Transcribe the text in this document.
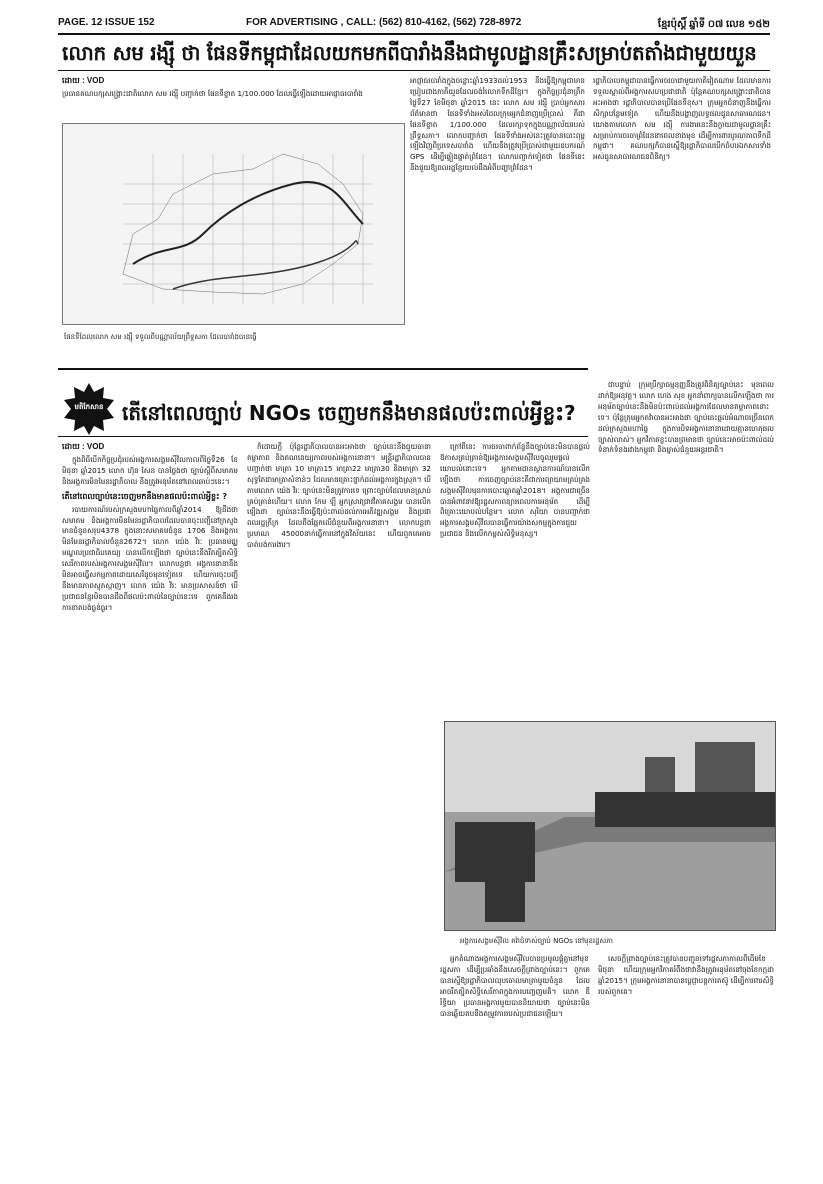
PAGE. 12 ISSUE 152	FOR ADVERTISING , CALL: (562) 810-4162, (562) 728-8972	ខ្មែរប៉ុស្ដិ៍ ឆ្នាំទី ០៧ លេខ ១៥២
លោក សម រង្ស៊ី ថា ផែនទីកម្ពុជាដែលយកមកពីបារាំងនឹងជាមូលដ្ឋានគ្រឹះសម្រាប់តតាំងជាមួយយួន
ដោយ : VOD
ប្រធានគណបក្សសង្គ្រោះជាតិលោក សម រង្ស៊ី បញ្ជាក់ថា ផែនទីខ្នាត 1/100.000 ដែលធ្វើឡើងដោយអាជ្ញាធរបារាំង
ផែនទីដែលលោក សម រង្ស៊ី ទទួលពីបណ្ណាល័យព្រឹទ្ធសភា ដែលបារាំងបានធ្វើ
អាជ្ញាធរបារាំងក្នុងចន្លោះឆ្នាំ1933ដល់1953 នឹងធ្វើឱ្យកម្ពុជាមានប្រៀបជាងភាគីយួនដែលចង់រំលោភទឹកដីខ្មែរ។ ក្នុងកិច្ចប្រជុំនាព្រឹកថ្ងៃទី27 ខែមិថុនា ឆ្នាំ2015 នេះ លោក សម រង្ស៊ី ប្រាប់អ្នកសារព័ត៌មានថា ផែនទីទាំងអស់ដែលក្រុមអ្នកជំនាញប្រើប្រាស់ គឺជាផែនទីខ្នាត 1/100.000 ដែលរក្សាទុកក្នុងបណ្ណាល័យរបស់ព្រឹទ្ធសភា។ លោកបញ្ជាក់ថា ផែនទីទាំងអស់នេះត្រូវបានបោះពុម្ពឡើងវិញពីប្រទេសបារាំង ហើយនឹងត្រូវប្រើប្រាស់ជាមួយឧបករណ៍ GPS ដើម្បីផ្ទៀងផ្ទាត់ព្រំដែន។ លោកបញ្ជាក់ទៀតថា ផែនទីនេះនឹងជួយឱ្យពលរដ្ឋខ្មែរយល់ដឹងអំពីបញ្ហាព្រំដែន។
រដ្ឋាភិបាលកម្ពុជាបានធ្វើការចរចាជាមួយភាគីវៀតណាម ដែលមានការទទួលស្គាល់ពីអង្គការសហប្រជាជាតិ ប៉ុន្តែគណបក្សសង្គ្រោះជាតិបានអះអាងថា រដ្ឋាភិបាលបានប្រើផែនទីខុស។ ក្រុមអ្នកជំនាញនឹងធ្វើការសិក្សាបន្ថែមទៀត ហើយនឹងបង្ហាញលទ្ធផលជូនសាធារណជន។ យោងតាមលោក សម រង្ស៊ី ការងារនេះនឹងក្លាយជាមូលដ្ឋានគ្រឹះសម្រាប់ការចរចាព្រំដែននាពេលខាងមុខ ដើម្បីការពារបូរណភាពទឹកដីកម្ពុជា។ គណបក្សក៏បានស្នើឱ្យរដ្ឋាភិបាលបើកចំហរឯកសារទាំងអស់ជូនសាធារណជនពិនិត្យ។
មតិកែសាន តើនៅពេលច្បាប់ NGOs ចេញមកនឹងមានផលប៉ះពាល់អ្វីខ្លះ?
ដោយ : VOD

ក្នុងពិធីបើកកិច្ចប្រជុំរបស់អង្គការសង្គមស៊ីវិលកាលពីថ្ងៃទី26 ខែមិថុនា ឆ្នាំ2015 លោក ហ៊ុន សែន បានថ្លែងថា ច្បាប់ស្ដីពីសមាគម និងអង្គការមិនមែនរដ្ឋាភិបាល នឹងត្រូវអនុម័តនៅពេលឆាប់ៗនេះ។

តើនៅពេលច្បាប់នេះចេញមកនឹងមានផលប៉ះពាល់អ្វីខ្លះ ?

របាយការណ៍របស់ក្រសួងមហាផ្ទៃកាលពីឆ្នាំ2014 ឱ្យដឹងថា សមាគម និងអង្គការមិនមែនរដ្ឋាភិបាលដែលបានចុះបញ្ជីនៅក្រសួងមានចំនួនសរុប4378 ក្នុងនោះសមាគមចំនួន 1706 និងអង្គការមិនមែនរដ្ឋាភិបាលចំនួន2672។ លោក យ៉េង វិរៈ ប្រធានមជ្ឈមណ្ឌលប្រជាធិបតេយ្យ បានលើកឡើងថា ច្បាប់នេះនឹងរឹតត្បិតសិទ្ធិសេរីភាពរបស់អង្គការសង្គមស៊ីវិល។ លោកបន្តថា អង្គការនានានឹងមិនអាចធ្វើសកម្មភាពដោយសេរីដូចមុនទៀតទេ ហើយការចុះបញ្ជីនឹងមានភាពស្មុគស្មាញ។ លោក យ៉េង វិរៈ មានប្រសាសន៍ថា បើប្រជាជនខ្មែរមិនបានដឹងពីផលប៉ះពាល់នៃច្បាប់នេះទេ ពួកគេនឹងរងការខាតបង់ធ្ងន់ធ្ងរ។

ក៏ដោយក្ដី ប៉ុន្តែរដ្ឋាភិបាលបានអះអាងថា ច្បាប់នេះនឹងជួយធានាតម្លាភាព និងគណនេយ្យភាពរបស់អង្គការនានា។ មន្ត្រីរដ្ឋាភិបាលបានបញ្ជាក់ថា មាត្រា 10 មាត្រា15 មាត្រា22 មាត្រា30 និងមាត្រា 32 សុទ្ធតែជាមាត្រាសំខាន់ៗ ដែលមានគ្រោះថ្នាក់ដល់អង្គការក្នុងស្រុក។ បើតាមលោក យ៉េង វិរៈ ច្បាប់នេះមិនត្រូវការទេ ព្រោះច្បាប់ដែលមានស្រាប់គ្រប់គ្រាន់ហើយ។ លោក កែម ឡី អ្នកស្រាវជ្រាវវិភាគសង្គម បានលើកឡើងថា ច្បាប់នេះនឹងធ្វើឱ្យប៉ះពាល់ដល់ការអភិវឌ្ឍសង្គម និងប្រជាពលរដ្ឋក្រីក្រ ដែលពឹងផ្អែកលើជំនួយពីអង្គការនានា។ លោកបន្តថា ប្រមាណ 45000នាក់ធ្វើការនៅក្នុងវិស័យនេះ ហើយពួកគេអាចបាត់បង់ការងារ។

ក្រៅពីនេះ ការចរចាពាក់ព័ន្ធនឹងច្បាប់នេះមិនបានផ្ដល់ឱកាសគ្រប់គ្រាន់ឱ្យអង្គការសង្គមស៊ីវិលចូលរួមផ្ដល់យោបល់នោះទេ។ អ្នកតាមដានស្ថានការណ៍បានលើកឡើងថា ការចេញច្បាប់នេះគឺជាការព្យាយាមគ្រប់គ្រងសង្គមស៊ីវិលមុនការបោះឆ្នោតឆ្នាំ2018។ អង្គការជាច្រើនបានអំពាវនាវឱ្យរដ្ឋសភាពន្យារពេលការអនុម័ត ដើម្បីពិគ្រោះយោបល់បន្ថែម។ លោក សុរិយា បានបញ្ជាក់ថា អង្គការសង្គមស៊ីវិលបានធ្វើការយ៉ាងសកម្មក្នុងការជួយប្រជាជន និងលើកកម្ពស់សិទ្ធិមនុស្ស។

ជាបន្ទាប់ ក្រុមប្រឹក្សាធម្មនុញ្ញនឹងត្រូវពិនិត្យច្បាប់នេះ មុនពេលដាក់ឱ្យអនុវត្ត។ លោក ហេង សុខ អ្នកនាំពាក្យបានលើកឡើងថា ការអនុម័តច្បាប់នេះនឹងមិនប៉ះពាល់ដល់អង្គការដែលមានតម្លាភាពនោះទេ។ ប៉ុន្តែក្រុមអ្នកតវ៉ាបានអះអាងថា ច្បាប់នេះផ្ដល់អំណាចច្រើនពេកដល់ក្រសួងមហាផ្ទៃ ក្នុងការបិទអង្គការនានាដោយគ្មានហេតុផលច្បាស់លាស់។ អ្នកវិភាគខ្លះបានព្រមានថា ច្បាប់នេះអាចប៉ះពាល់ដល់ទំនាក់ទំនងរវាងកម្ពុជា និងម្ចាស់ជំនួយអន្តរជាតិ។

អង្គការសង្គមស៊ីវិល តវ៉ាជំទាស់ច្បាប់ NGOs នៅមុខរដ្ឋសភា

អ្នកតំណាងអង្គការសង្គមស៊ីវិលបានប្រមូលផ្ដុំគ្នានៅមុខរដ្ឋសភា ដើម្បីប្រឆាំងនឹងសេចក្ដីព្រាងច្បាប់នេះ។ ពួកគេបានស្នើឱ្យរដ្ឋាភិបាលលុបចោលមាត្រាមួយចំនួន ដែលអាចរឹតត្បិតសិទ្ធិសេរីភាពក្នុងការបញ្ចេញមតិ។ លោក ឌី រិទ្ធិយា ប្រធានអង្គការមួយបាននិយាយថា ច្បាប់នេះមិនបានឆ្លើយតបនឹងតម្រូវការរបស់ប្រជាជនឡើយ។

សេចក្ដីព្រាងច្បាប់នេះត្រូវបានបញ្ជូនទៅរដ្ឋសភាកាលពីដើមខែមិថុនា ហើយក្រុមអ្នកវិភាគរំពឹងថាវានឹងត្រូវអនុម័តនៅចុងខែកក្កដា ឆ្នាំ2015។ ក្រុមអង្គការនានាបានប្ដេជ្ញាបន្តការតស៊ូ ដើម្បីការពារសិទ្ធិរបស់ពួកគេ។
